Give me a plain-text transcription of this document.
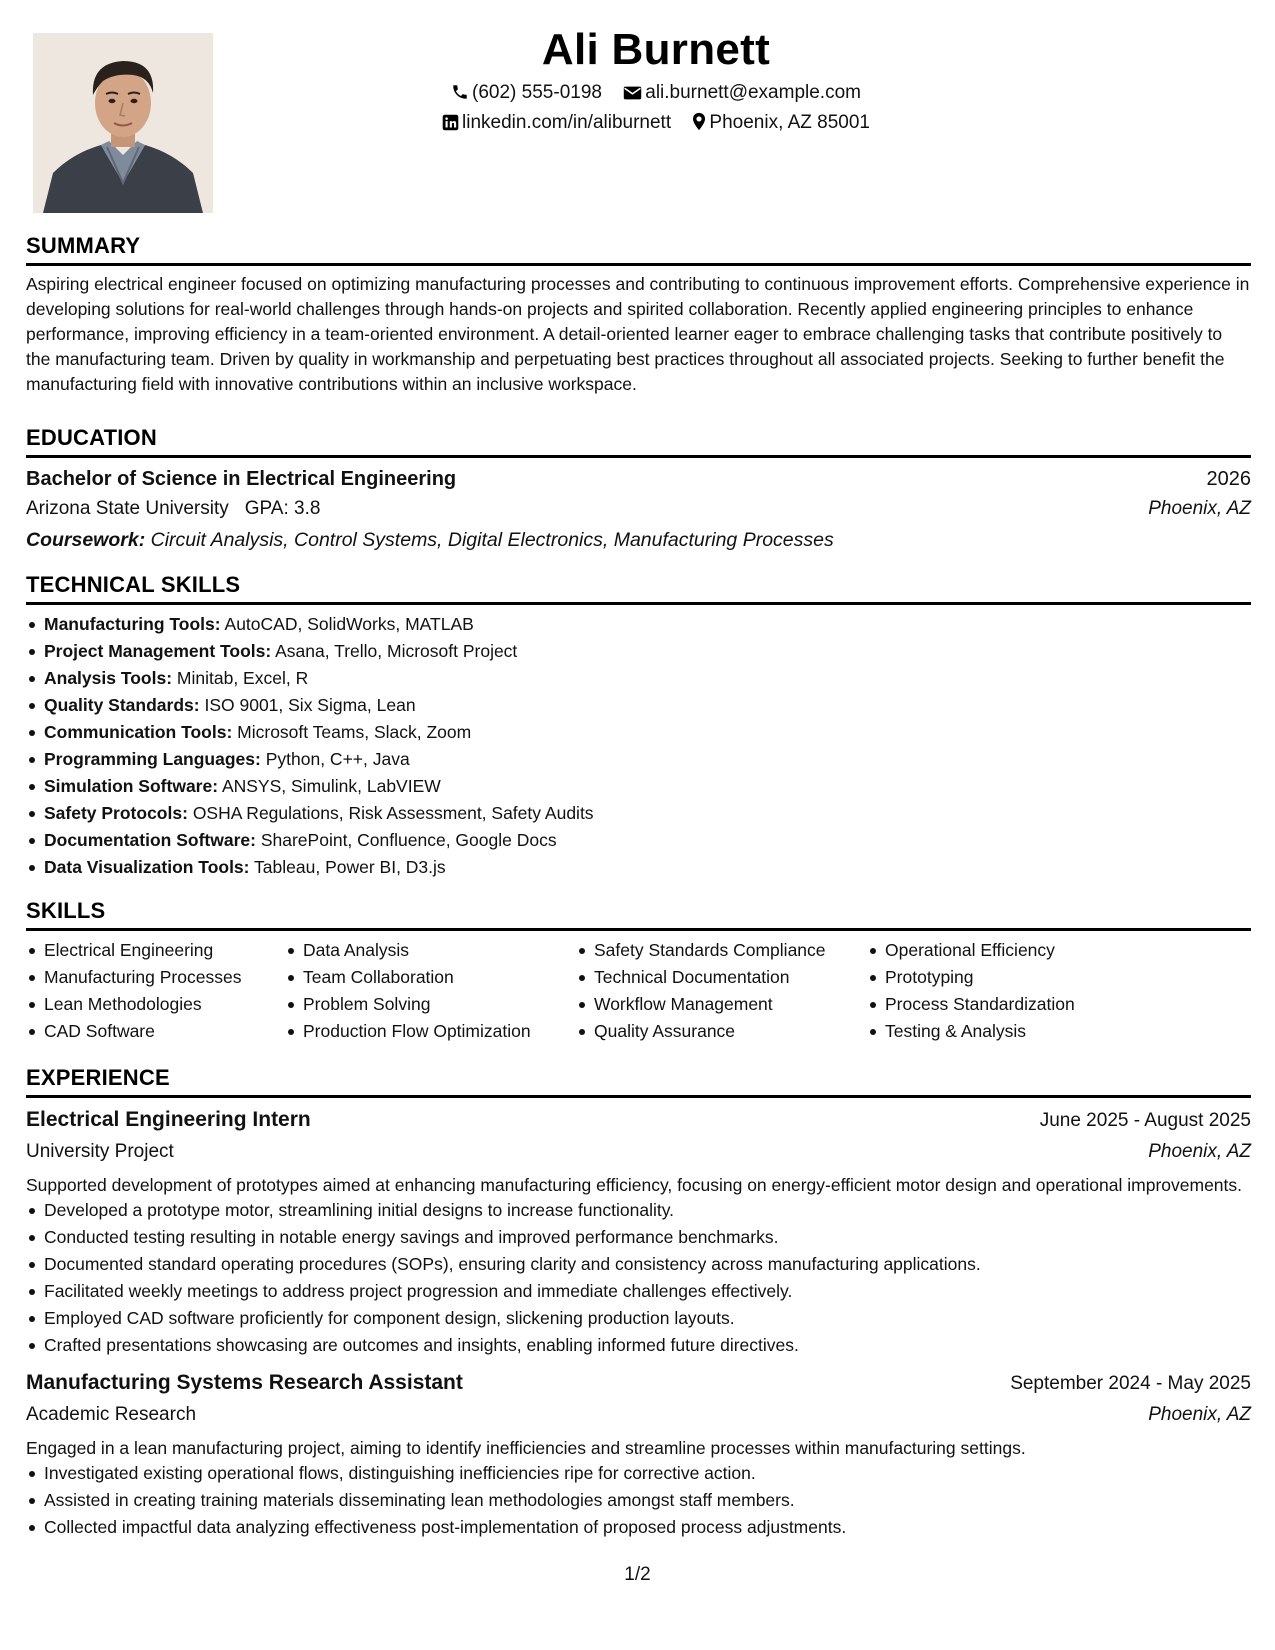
Ali Burnett
(602) 555-0198 ali.burnett@example.com
linkedin.com/in/aliburnett Phoenix, AZ 85001
SUMMARY

Aspiring electrical engineer focused on optimizing manufacturing processes and contributing to continuous improvement efforts. Comprehensive experience in developing solutions for real-world challenges through hands-on projects and spirited collaboration. Recently applied engineering principles to enhance performance, improving efficiency in a team-oriented environment. A detail-oriented learner eager to embrace challenging tasks that contribute positively to the manufacturing team. Driven by quality in workmanship and perpetuating best practices throughout all associated projects. Seeking to further benefit the manufacturing field with innovative contributions within an inclusive workspace.

EDUCATION
Bachelor of Science in Electrical Engineering	2026
Arizona State University GPA: 3.8	Phoenix, AZ
Coursework: Circuit Analysis, Control Systems, Digital Electronics, Manufacturing Processes
TECHNICAL SKILLS
Manufacturing Tools: AutoCAD, SolidWorks, MATLAB
Project Management Tools: Asana, Trello, Microsoft Project
Analysis Tools: Minitab, Excel, R
Quality Standards: ISO 9001, Six Sigma, Lean
Communication Tools: Microsoft Teams, Slack, Zoom
Programming Languages: Python, C++, Java
Simulation Software: ANSYS, Simulink, LabVIEW
Safety Protocols: OSHA Regulations, Risk Assessment, Safety Audits
Documentation Software: SharePoint, Confluence, Google Docs
Data Visualization Tools: Tableau, Power BI, D3.js
SKILLS
Electrical Engineering
Manufacturing Processes
Lean Methodologies
CAD Software
Data Analysis
Team Collaboration
Problem Solving
Production Flow Optimization
Safety Standards Compliance
Technical Documentation
Workflow Management
Quality Assurance
Operational Efficiency
Prototyping
Process Standardization
Testing & Analysis
EXPERIENCE
Electrical Engineering Intern	June 2025 - August 2025
University Project	Phoenix, AZ

Supported development of prototypes aimed at enhancing manufacturing efficiency, focusing on energy-efficient motor design and operational improvements.

Developed a prototype motor, streamlining initial designs to increase functionality.
Conducted testing resulting in notable energy savings and improved performance benchmarks.
Documented standard operating procedures (SOPs), ensuring clarity and consistency across manufacturing applications.
Facilitated weekly meetings to address project progression and immediate challenges effectively.
Employed CAD software proficiently for component design, slickening production layouts.
Crafted presentations showcasing are outcomes and insights, enabling informed future directives.
Manufacturing Systems Research Assistant	September 2024 - May 2025
Academic Research	Phoenix, AZ

Engaged in a lean manufacturing project, aiming to identify inefficiencies and streamline processes within manufacturing settings.

Investigated existing operational flows, distinguishing inefficiencies ripe for corrective action.
Assisted in creating training materials disseminating lean methodologies amongst staff members.
Collected impactful data analyzing effectiveness post-implementation of proposed process adjustments.
1/2
